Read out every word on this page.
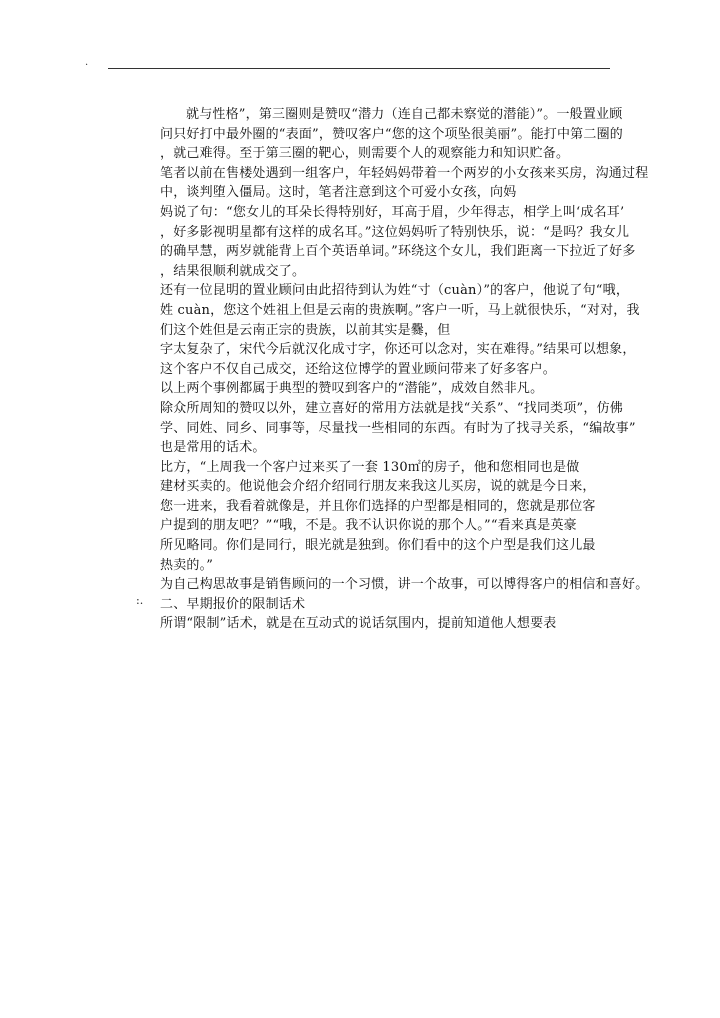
.
就与性格”，第三圈则是赞叹“潜力（连自己都未察觉的潜能）”。一般置业顾
问只好打中最外圈的“表面”，赞叹客户“您的这个项坠很美丽”。能打中第二圈的
，就己难得。至于第三圈的靶心，则需要个人的观察能力和知识贮备。
笔者以前在售楼处遇到一组客户，年轻妈妈带着一个两岁的小女孩来买房，沟通过程
中，谈判堕入僵局。这时，笔者注意到这个可爱小女孩，向妈
妈说了句：“您女儿的耳朵长得特别好，耳高于眉，少年得志，相学上叫‘成名耳’
，好多影视明星都有这样的成名耳。”这位妈妈听了特别快乐，说：“是吗？我女儿
的确早慧，两岁就能背上百个英语单词。”环绕这个女儿，我们距离一下拉近了好多
，结果很顺利就成交了。
还有一位昆明的置业顾问由此招待到认为姓“寸（cuàn）”的客户，他说了句“哦，
姓 cuàn，您这个姓祖上但是云南的贵族啊。”客户一听，马上就很快乐，“对对，我
们这个姓但是云南正宗的贵族，以前其实是爨，但
字太复杂了，宋代今后就汉化成寸字，你还可以念对，实在难得。”结果可以想象，
这个客户不仅自己成交，还给这位博学的置业顾问带来了好多客户。
以上两个事例都属于典型的赞叹到客户的“潜能”，成效自然非凡。
除众所周知的赞叹以外，建立喜好的常用方法就是找“关系”、“找同类项”，仿佛
学、同姓、同乡、同事等，尽量找一些相同的东西。有时为了找寻关系，“编故事”
也是常用的话术。
比方，“上周我一个客户过来买了一套 130㎡的房子，他和您相同也是做
建材买卖的。他说他会介绍介绍同行朋友来我这儿买房，说的就是今日来，
您一进来，我看着就像是，并且你们选择的户型都是相同的，您就是那位客
户提到的朋友吧？”“哦，不是。我不认识你说的那个人。”“看来真是英豪
所见略同。你们是同行，眼光就是独到。你们看中的这个户型是我们这儿最
热卖的。”
为自己构思故事是销售顾问的一个习惯，讲一个故事，可以博得客户的相信和喜好。
二、早期报价的限制话术
所谓“限制”话术，就是在互动式的说话氛围内，提前知道他人想要表
:.
